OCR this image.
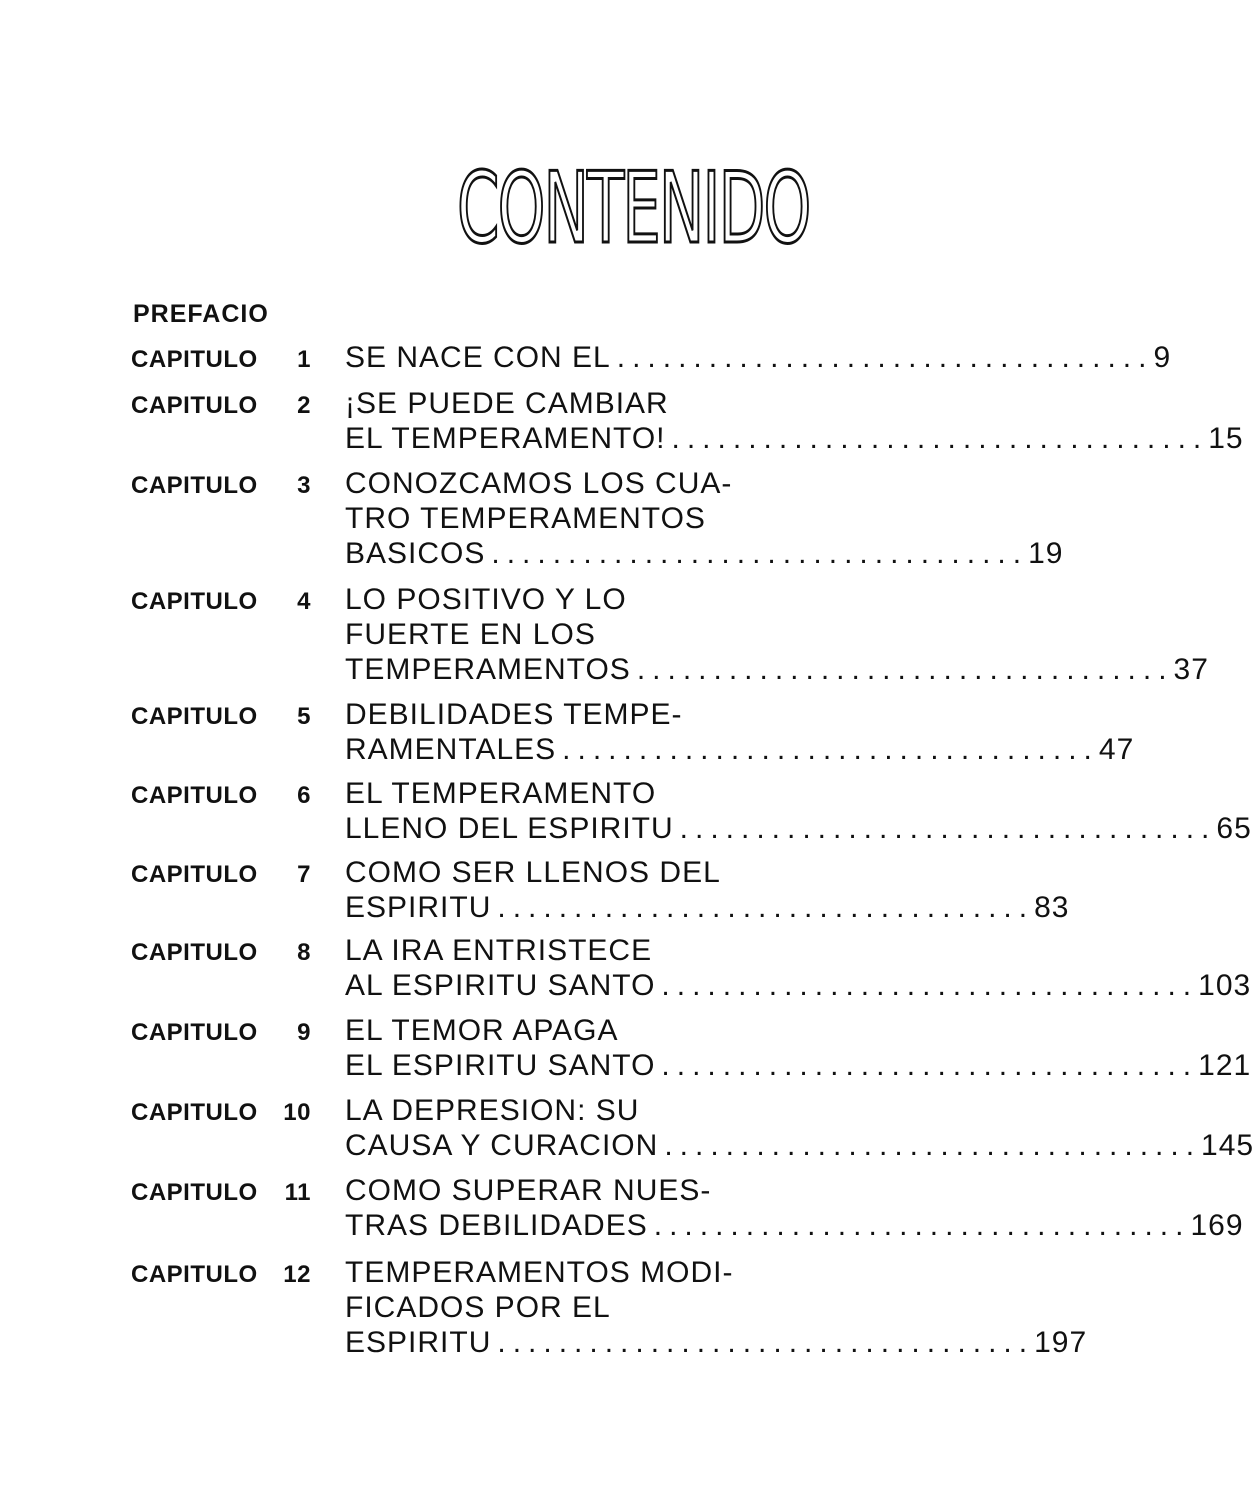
CONTENIDO
PREFACIO
CAPITULO 1 SE NACE CON EL ................................... 9
CAPITULO 2 ¡SE PUEDE CAMBIAR
EL TEMPERAMENTO! ................................... 15
CAPITULO 3 CONOZCAMOS LOS CUA-
TRO TEMPERAMENTOS
BASICOS ................................... 19
CAPITULO 4 LO POSITIVO Y LO
FUERTE EN LOS
TEMPERAMENTOS ................................... 37
CAPITULO 5 DEBILIDADES TEMPE-
RAMENTALES ................................... 47
CAPITULO 6 EL TEMPERAMENTO
LLENO DEL ESPIRITU ................................... 65
CAPITULO 7 COMO SER LLENOS DEL
ESPIRITU ................................... 83
CAPITULO 8 LA IRA ENTRISTECE
AL ESPIRITU SANTO ................................... 103
CAPITULO 9 EL TEMOR APAGA
EL ESPIRITU SANTO ................................... 121
CAPITULO 10 LA DEPRESION: SU
CAUSA Y CURACION ................................... 145
CAPITULO 11 COMO SUPERAR NUES-
TRAS DEBILIDADES ................................... 169
CAPITULO 12 TEMPERAMENTOS MODI-
FICADOS POR EL
ESPIRITU ................................... 197
